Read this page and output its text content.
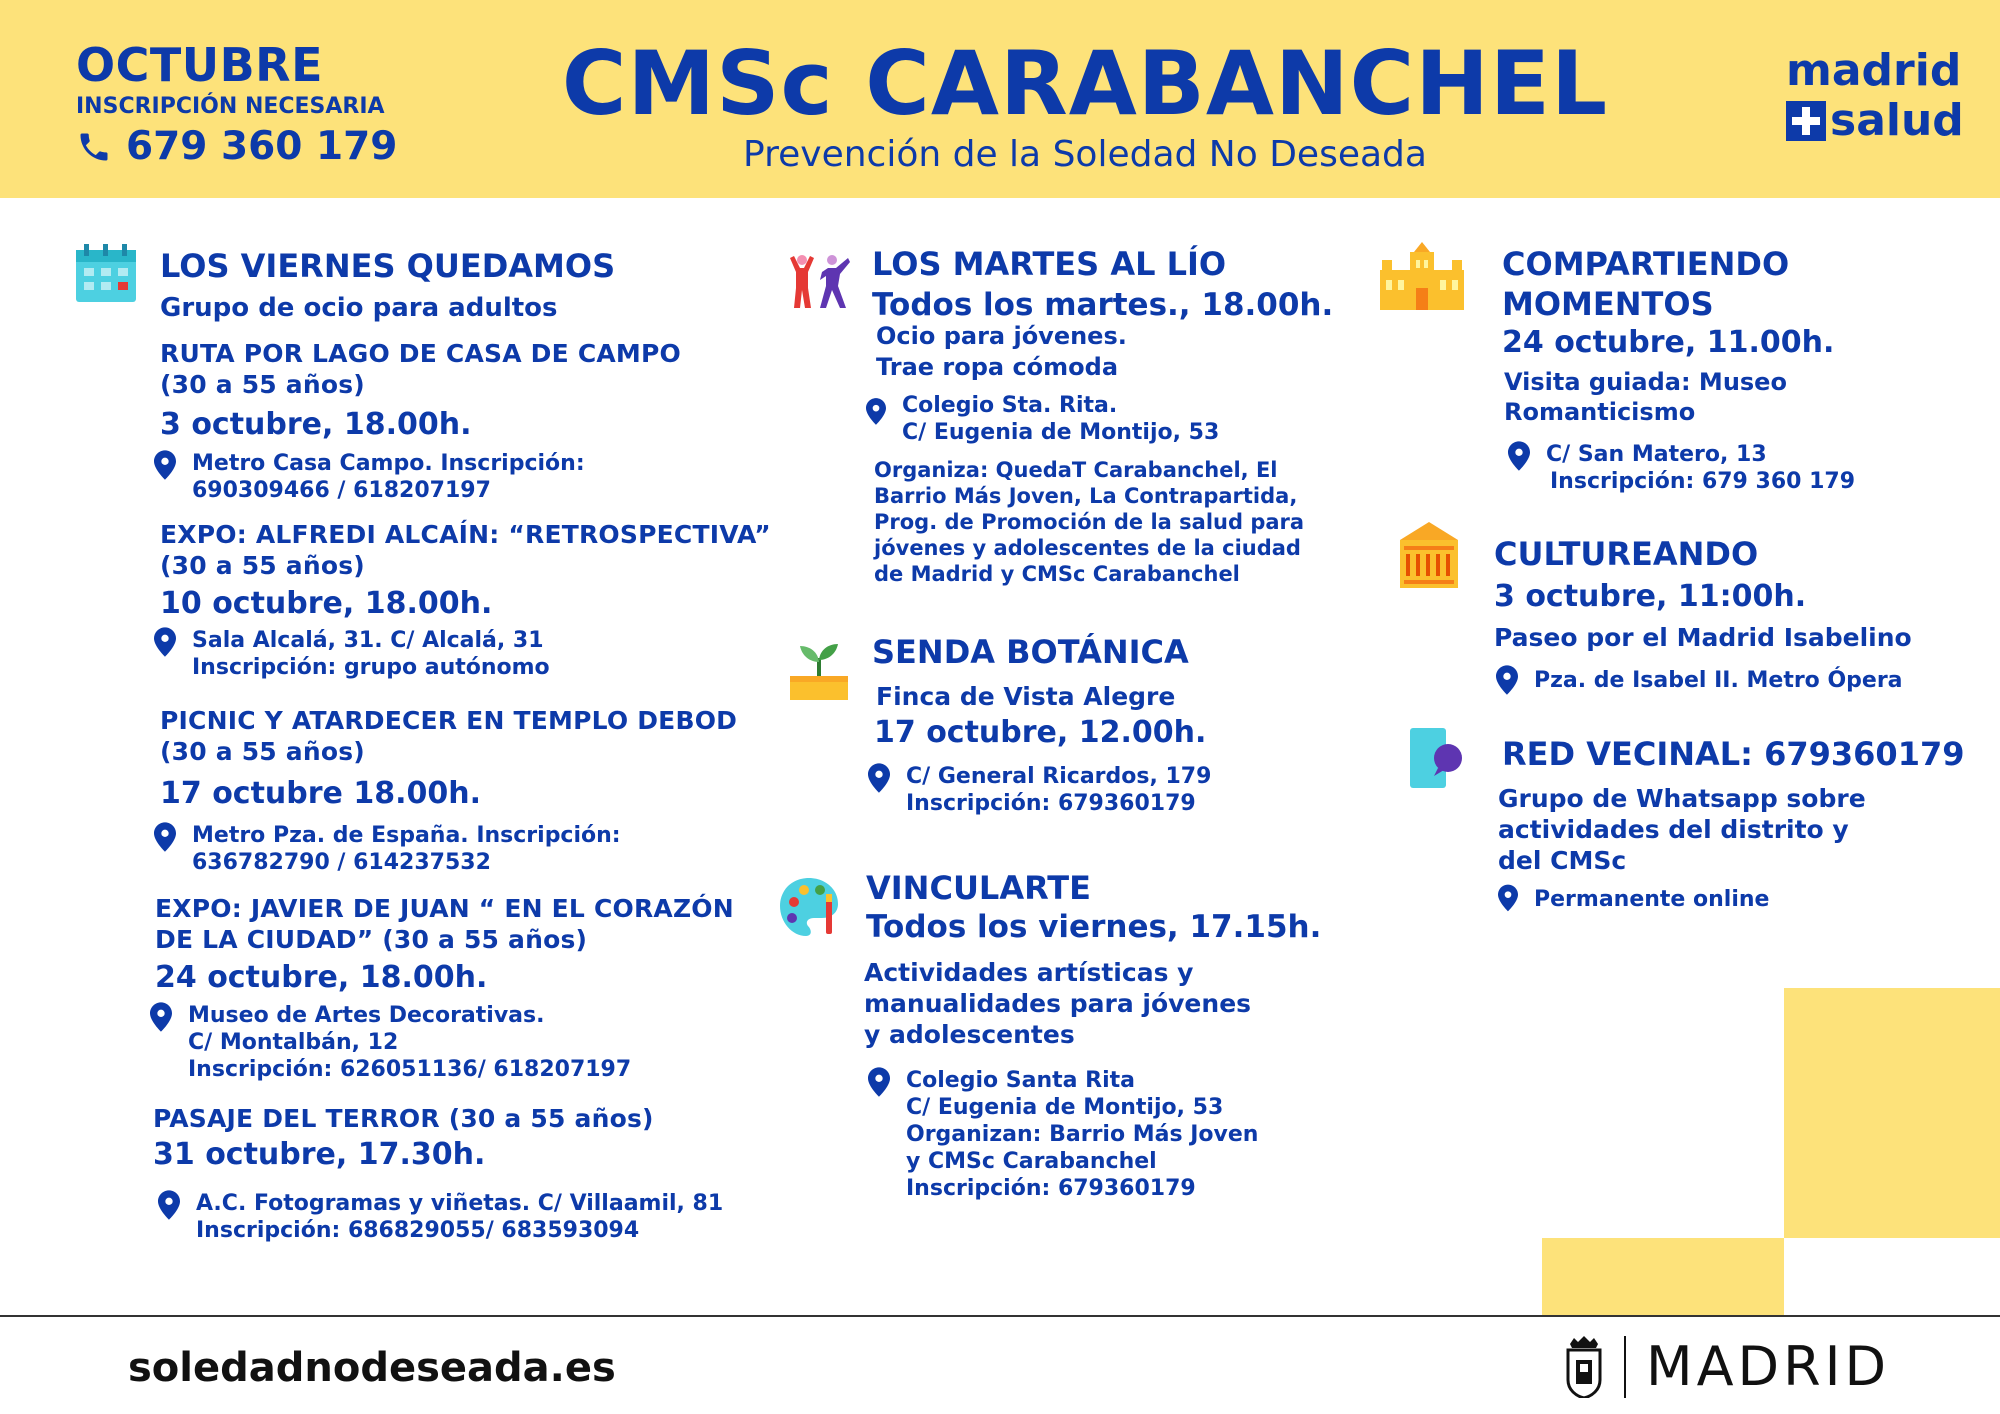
OCTUBRE
INSCRIPCIÓN NECESARIA
679 360 179
CMSc CARABANCHEL
Prevención de la Soledad No Deseada
madrid
salud
LOS VIERNES QUEDAMOS
Grupo de ocio para adultos
RUTA POR LAGO DE CASA DE CAMPO
(30 a 55 años)
3 octubre, 18.00h.
Metro Casa Campo. Inscripción:
690309466 / 618207197
EXPO: ALFREDI ALCAÍN: “RETROSPECTIVA”
(30 a 55 años)
10 octubre, 18.00h.
Sala Alcalá, 31. C/ Alcalá, 31
Inscripción: grupo autónomo
PICNIC Y ATARDECER EN TEMPLO DEBOD
(30 a 55 años)
17 octubre 18.00h.
Metro Pza. de España. Inscripción:
636782790 / 614237532
EXPO: JAVIER DE JUAN “ EN EL CORAZÓN
DE LA CIUDAD” (30 a 55 años)
24 octubre, 18.00h.
Museo de Artes Decorativas.
C/ Montalbán, 12
Inscripción: 626051136/ 618207197
PASAJE DEL TERROR (30 a 55 años)
31 octubre, 17.30h.
A.C. Fotogramas y viñetas. C/ Villaamil, 81
Inscripción: 686829055/ 683593094
LOS MARTES AL LÍO
Todos los martes., 18.00h.
Ocio para jóvenes.
Trae ropa cómoda
Colegio Sta. Rita.
C/ Eugenia de Montijo, 53
Organiza: QuedaT Carabanchel, El
Barrio Más Joven, La Contrapartida,
Prog. de Promoción de la salud para
jóvenes y adolescentes de la ciudad
de Madrid y CMSc Carabanchel
SENDA BOTÁNICA
Finca de Vista Alegre
17 octubre, 12.00h.
C/ General Ricardos, 179
Inscripción: 679360179
VINCULARTE
Todos los viernes, 17.15h.
Actividades artísticas y
manualidades para jóvenes
y adolescentes
Colegio Santa Rita
C/ Eugenia de Montijo, 53
Organizan: Barrio Más Joven
y CMSc Carabanchel
Inscripción: 679360179
COMPARTIENDO
MOMENTOS
24 octubre, 11.00h.
Visita guiada: Museo
Romanticismo
C/ San Matero, 13
Inscripción: 679 360 179
CULTUREANDO
3 octubre, 11:00h.
Paseo por el Madrid Isabelino
Pza. de Isabel II. Metro Ópera
RED VECINAL: 679360179
Grupo de Whatsapp sobre
actividades del distrito y
del CMSc
Permanente online
soledadnodeseada.es	MADRID
